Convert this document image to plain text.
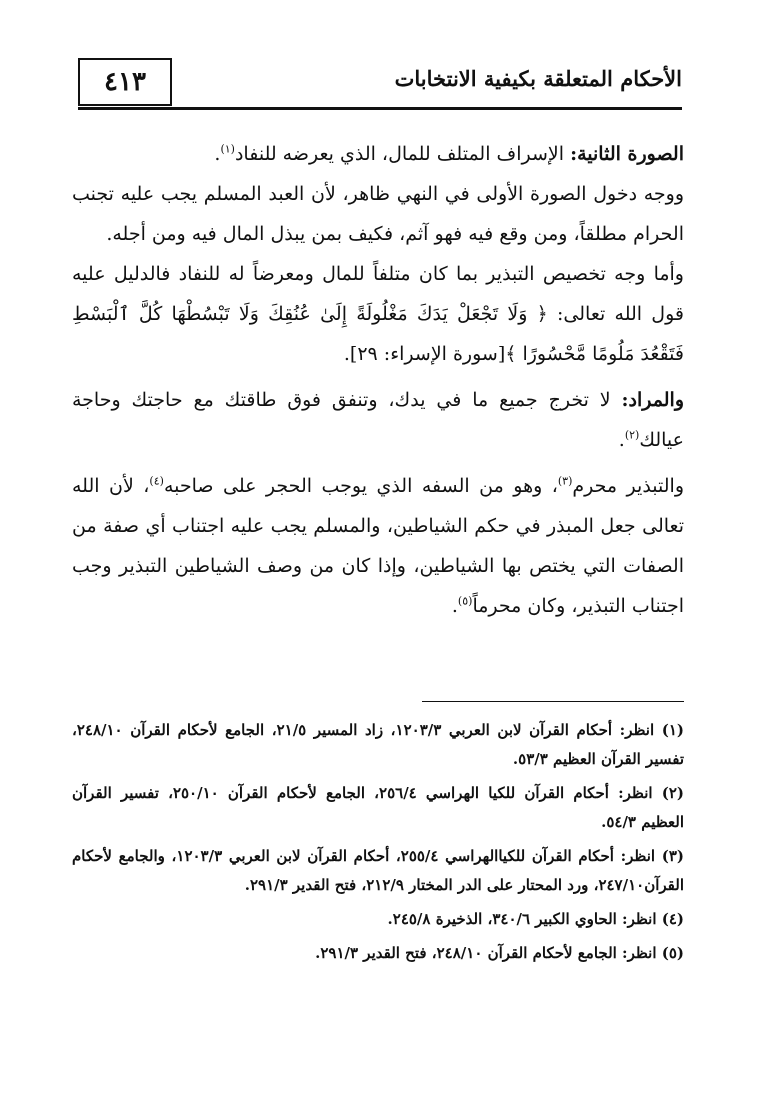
٤١٣	الأحكام المتعلقة بكيفية الانتخابات

الصورة الثانية: الإسراف المتلف للمال، الذي يعرضه للنفاد$^{(١)}$.

ووجه دخول الصورة الأولى في النهي ظاهر، لأن العبد المسلم يجب عليه تجنب الحرام مطلقاً، ومن وقع فيه فهو آثم، فكيف بمن يبذل المال فيه ومن أجله.

وأما وجه تخصيص التبذير بما كان متلفاً للمال ومعرضاً له للنفاد فالدليل عليه قول الله تعالى: ﴿ وَلَا تَجْعَلْ يَدَكَ مَغْلُولَةً إِلَىٰ عُنُقِكَ وَلَا تَبْسُطْهَا كُلَّ ٱلْبَسْطِ فَتَقْعُدَ مَلُومًا مَّحْسُورًا ﴾[سورة الإسراء: ٢٩].

والمراد: لا تخرج جميع ما في يدك، وتنفق فوق طاقتك مع حاجتك وحاجة عيالك$^{(٢)}$.

والتبذير محرم$^{(٣)}$، وهو من السفه الذي يوجب الحجر على صاحبه$^{(٤)}$، لأن الله تعالى جعل المبذر في حكم الشياطين، والمسلم يجب عليه اجتناب أي صفة من الصفات التي يختص بها الشياطين، وإذا كان من وصف الشياطين التبذير وجب اجتناب التبذير، وكان محرماً$^{(٥)}$.

(١) انظر: أحكام القرآن لابن العربي ١٢٠٣/٣، زاد المسير ٢١/٥، الجامع لأحكام القرآن ٢٤٨/١٠، تفسير القرآن العظيم ٥٣/٣.

(٢) انظر: أحكام القرآن للكيا الهراسي ٢٥٦/٤، الجامع لأحكام القرآن ٢٥٠/١٠، تفسير القرآن العظيم ٥٤/٣.

(٣) انظر: أحكام القرآن للكياالهراسي ٢٥٥/٤، أحكام القرآن لابن العربي ١٢٠٣/٣، والجامع لأحكام القرآن٢٤٧/١٠، ورد المحتار على الدر المختار ٢١٢/٩، فتح القدير ٢٩١/٣.

(٤) انظر: الحاوي الكبير ٣٤٠/٦، الذخيرة ٢٤٥/٨.

(٥) انظر: الجامع لأحكام القرآن ٢٤٨/١٠، فتح القدير ٢٩١/٣.
